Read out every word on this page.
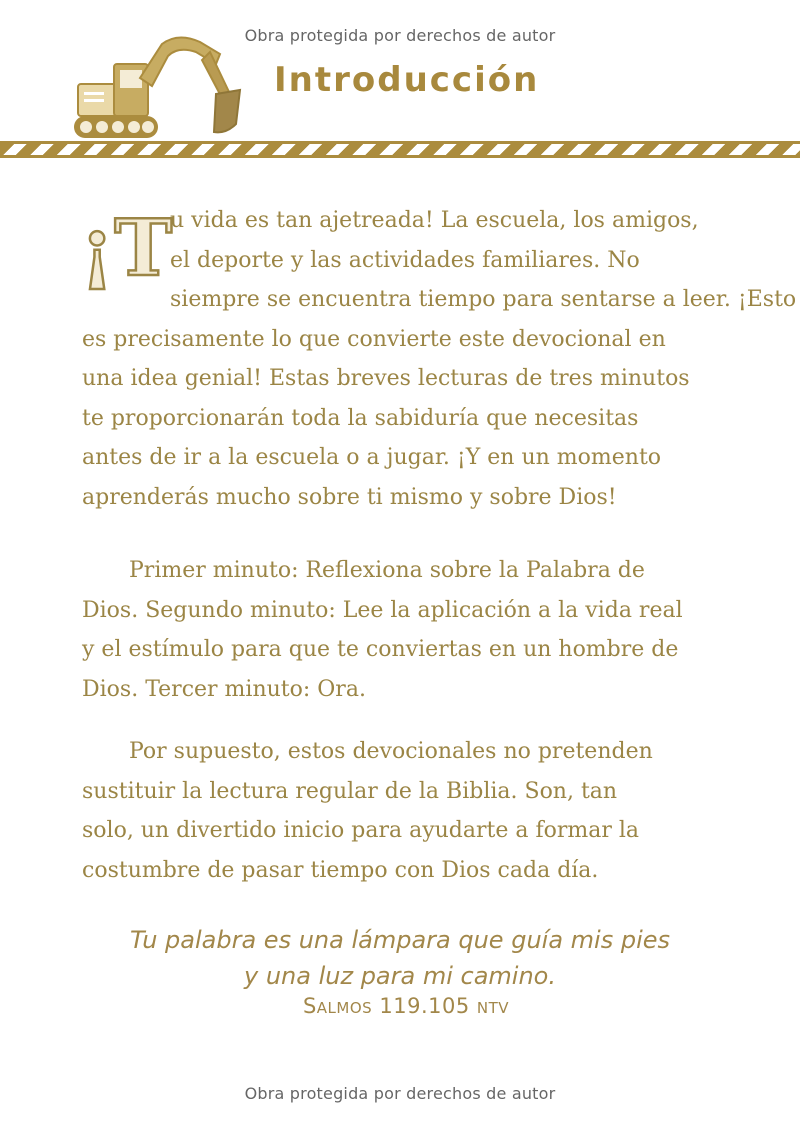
Obra protegida por derechos de autor
Introducción
¡T
u vida es tan ajetreada! La escuela, los amigos,
el deporte y las actividades familiares. No
siempre se encuentra tiempo para sentarse a leer. ¡Esto
es precisamente lo que convierte este devocional en
una idea genial! Estas breves lecturas de tres minutos
te proporcionarán toda la sabiduría que necesitas
antes de ir a la escuela o a jugar. ¡Y en un momento
aprenderás mucho sobre ti mismo y sobre Dios!
Primer minuto: Reflexiona sobre la Palabra de
Dios. Segundo minuto: Lee la aplicación a la vida real
y el estímulo para que te conviertas en un hombre de
Dios. Tercer minuto: Ora.
Por supuesto, estos devocionales no pretenden
sustituir la lectura regular de la Biblia. Son, tan
solo, un divertido inicio para ayudarte a formar la
costumbre de pasar tiempo con Dios cada día.
Tu palabra es una lámpara que guía mis pies
y una luz para mi camino.
Salmos 119.105 ntv
Obra protegida por derechos de autor
